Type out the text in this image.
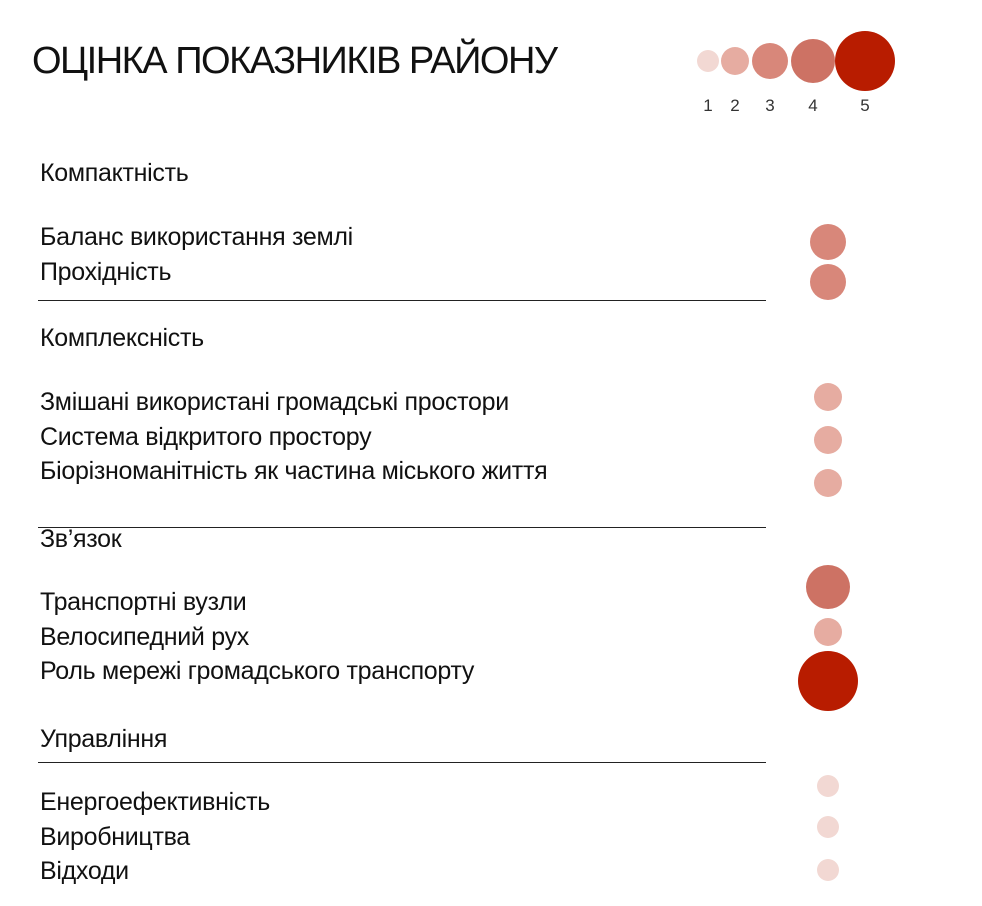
ОЦІНКА ПОКАЗНИКІВ РАЙОНУ
1 2 3 4	5
Компактність
Баланс використання землі
Прохідність
Комплексність
Змішані використані громадські простори
Система відкритого простору
Біорізноманітність як частина міського життя
Зв’язок
Транспортні вузли
Велосипедний рух
Роль мережі громадського транспорту
Управління
Енергоефективність
Виробництва
Відходи
